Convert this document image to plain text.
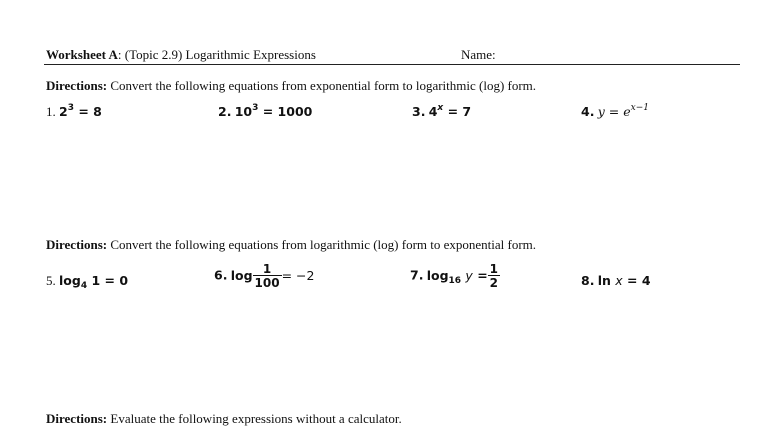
Worksheet A: (Topic 2.9) Logarithmic Expressions	Name:
Directions: Convert the following equations from exponential form to logarithmic (log) form.
1. $2^3 = 8$	2. $10^3 = 1000$	3. $4^x = 7$	4. $y = e^{x-1}$
Directions: Convert the following equations from logarithmic (log) form to exponential form.
5. $\log_4 1 = 0$	6. $\log \frac{1}{100} = -2$	7. $\log_{16} y = \frac{1}{2}$	8. ln x = 4
Directions: Evaluate the following expressions without a calculator.
